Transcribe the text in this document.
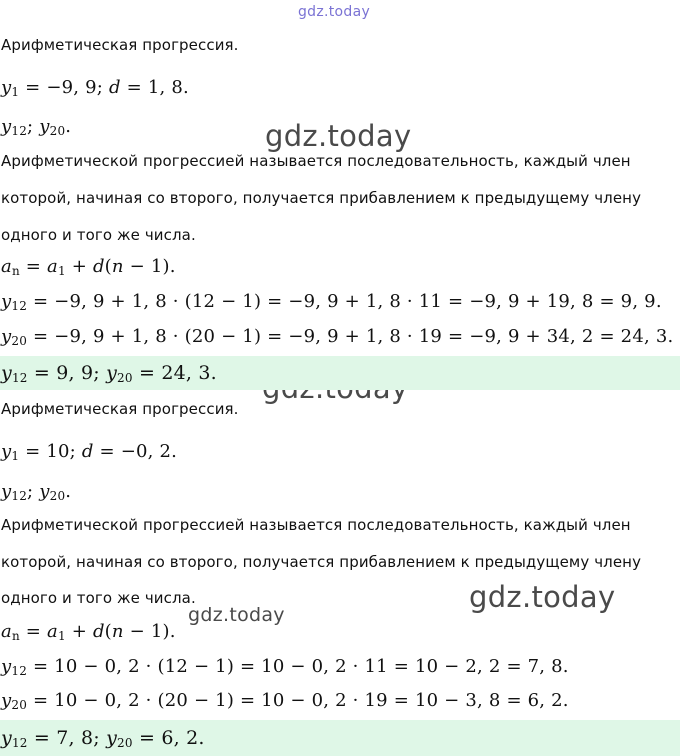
gdz.today
gdz.today
gdz.today
gdz.today
Арифметическая прогрессия.
$y_1 = -9$, 9; d = 1, 8.
$y_{12}$; $y_{20}$.
Арифметической прогрессией называется последовательность, каждый член
которой, начиная со второго, получается прибавлением к предыдущему члену
одного и того же числа.
$a_n = a_1 + d(n - 1)$.
$y_{12} = -9$, 9 + 1, 8 · (12 − 1) = −9, 9 + 1, 8 · 11 = −9, 9 + 19, 8 = 9, 9.
$y_{20} = -9$, 9 + 1, 8 · (20 − 1) = −9, 9 + 1, 8 · 19 = −9, 9 + 34, 2 = 24, 3.
$y_{12} = 9$, 9; $y_{20} = 24$, 3.
Арифметическая прогрессия.
$y_1 = 10$; d = −0, 2.
$y_{12}$; $y_{20}$.
Арифметической прогрессией называется последовательность, каждый член
которой, начиная со второго, получается прибавлением к предыдущему члену
одного и того же числа.
$a_n = a_1 + d(n - 1)$.
$y_{12} = 10 - 0$, 2 · (12 − 1) = 10 − 0, 2 · 11 = 10 − 2, 2 = 7, 8.
$y_{20} = 10 - 0$, 2 · (20 − 1) = 10 − 0, 2 · 19 = 10 − 3, 8 = 6, 2.
$y_{12} = 7$, 8; $y_{20} = 6$, 2.
